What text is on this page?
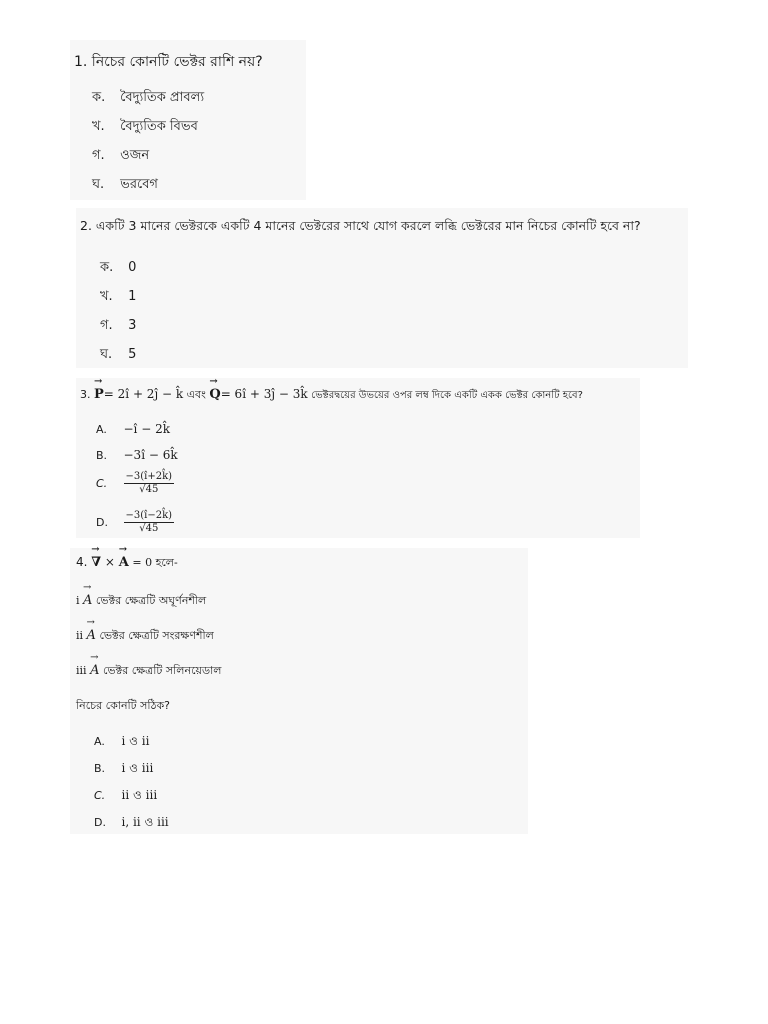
1. নিচের কোনটি ভেক্টর রাশি নয়?
ক. বৈদ্যুতিক প্রাবল্য
খ. বৈদ্যুতিক বিভব
গ. ওজন
ঘ. ভরবেগ
2. একটি 3 মানের ভেক্টরকে একটি 4 মানের ভেক্টরের সাথে যোগ করলে লব্ধি ভেক্টরের মান নিচের কোনটি হবে না?
ক. 0
খ. 1
গ. 3
ঘ. 5
3. → P= 2î + 2ĵ − k̂ এবং → Q= 6î + 3ĵ − 3k̂ ভেক্টরদ্বয়ের উভয়ের ওপর লম্ব দিকে একটি একক ভেক্টর কোনটি হবে?
A. −î − 2k̂
B. −3î − 6k̂
C. $\frac{-3(î+2k̂)}{√45}$
D. $\frac{-3(î-2k̂)}{√45}$
4. → ∇ × → A = 0 হলে-
i → A ভেক্টর ক্ষেত্রটি অঘূর্ণনশীল
ii → A ভেক্টর ক্ষেত্রটি সংরক্ষণশীল
iii → A ভেক্টর ক্ষেত্রটি সলিনয়েডাল
নিচের কোনটি সঠিক?
A. i ও ii
B. i ও iii
C. ii ও iii
D. i, ii ও iii
